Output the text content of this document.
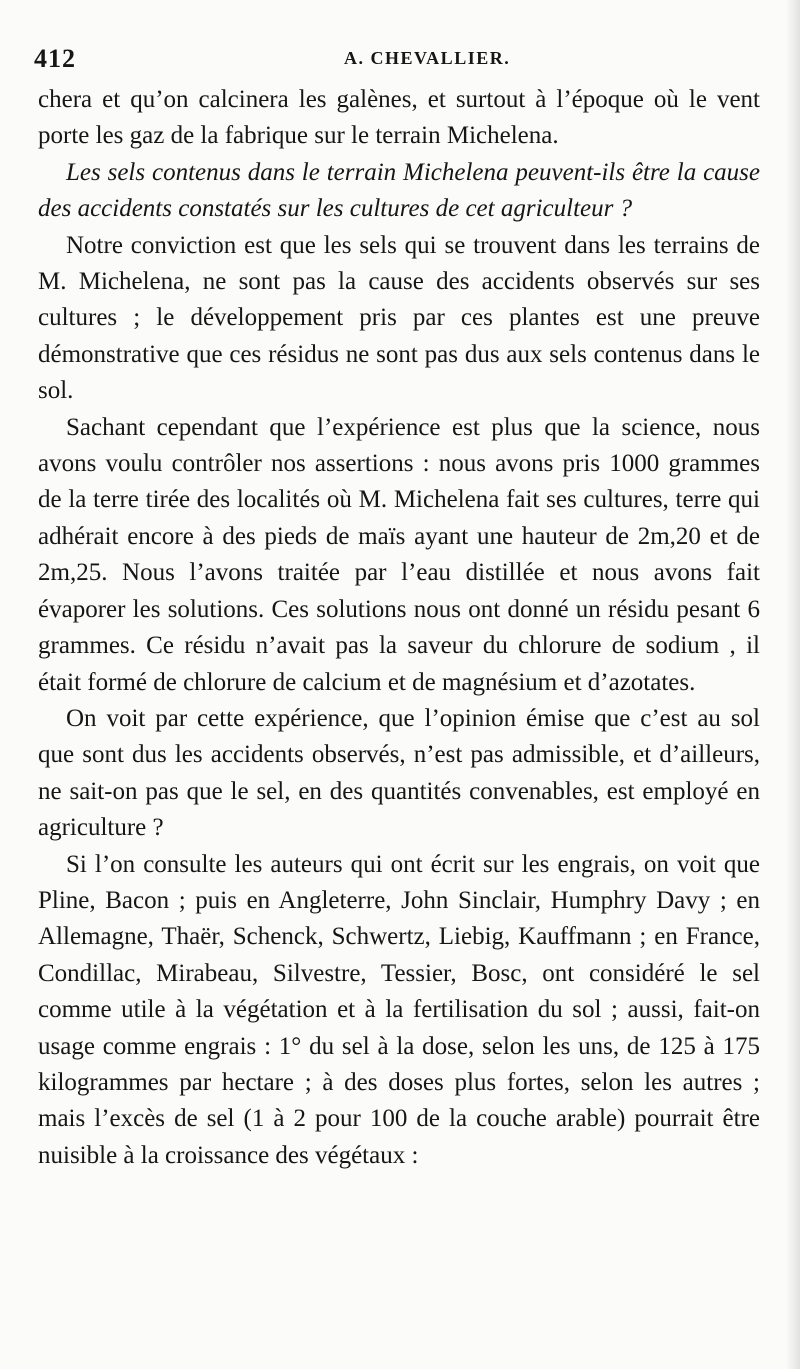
412	A. CHEVALLIER.

chera et qu’on calcinera les galènes, et surtout à l’époque où le vent porte les gaz de la fabrique sur le terrain Michelena.

Les sels contenus dans le terrain Michelena peuvent-ils être la cause des accidents constatés sur les cultures de cet agriculteur ?

Notre conviction est que les sels qui se trouvent dans les terrains de M. Michelena, ne sont pas la cause des accidents observés sur ses cultures ; le développement pris par ces plantes est une preuve démonstrative que ces résidus ne sont pas dus aux sels contenus dans le sol.

Sachant cependant que l’expérience est plus que la science, nous avons voulu contrôler nos assertions : nous avons pris 1000 grammes de la terre tirée des localités où M. Michelena fait ses cultures, terre qui adhérait encore à des pieds de maïs ayant une hauteur de 2m,20 et de 2m,25. Nous l’avons traitée par l’eau distillée et nous avons fait évaporer les solutions. Ces solutions nous ont donné un résidu pesant 6 grammes. Ce résidu n’avait pas la saveur du chlorure de sodium , il était formé de chlorure de calcium et de magnésium et d’azotates.

On voit par cette expérience, que l’opinion émise que c’est au sol que sont dus les accidents observés, n’est pas admissible, et d’ailleurs, ne sait-on pas que le sel, en des quantités convenables, est employé en agriculture ?

Si l’on consulte les auteurs qui ont écrit sur les engrais, on voit que Pline, Bacon ; puis en Angleterre, John Sinclair, Humphry Davy ; en Allemagne, Thaër, Schenck, Schwertz, Liebig, Kauffmann ; en France, Condillac, Mirabeau, Silvestre, Tessier, Bosc, ont considéré le sel comme utile à la végétation et à la fertilisation du sol ; aussi, fait-on usage comme engrais : 1° du sel à la dose, selon les uns, de 125 à 175 kilogrammes par hectare ; à des doses plus fortes, selon les autres ; mais l’excès de sel (1 à 2 pour 100 de la couche arable) pourrait être nuisible à la croissance des végétaux :
